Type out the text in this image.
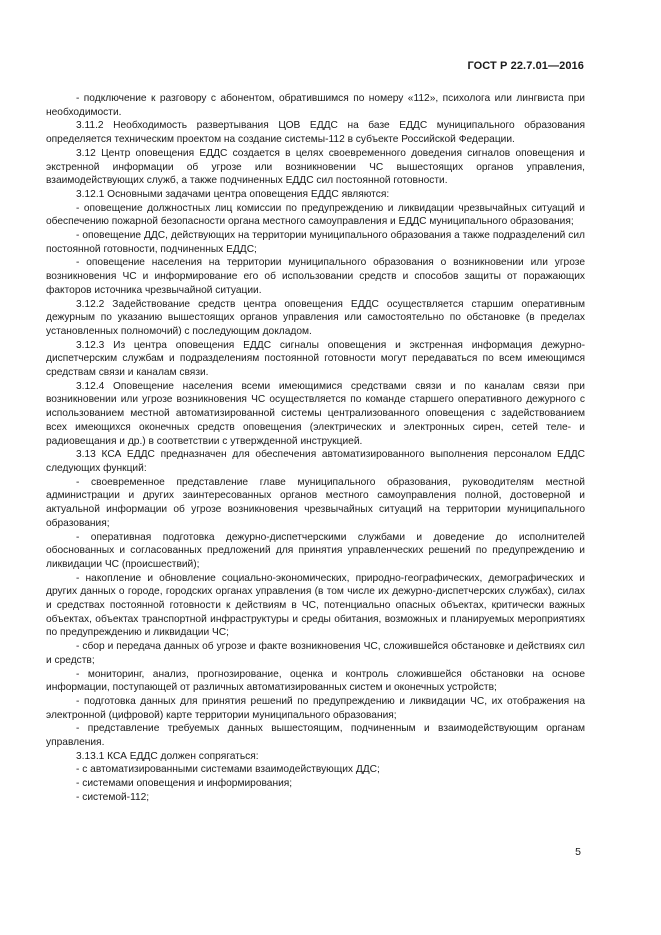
ГОСТ Р 22.7.01—2016

- подключение к разговору с абонентом, обратившимся по номеру «112», психолога или лингвиста при необходимости.

3.11.2 Необходимость развертывания ЦОВ ЕДДС на базе ЕДДС муниципального образования определяется техническим проектом на создание системы-112 в субъекте Российской Федерации.

3.12 Центр оповещения ЕДДС создается в целях своевременного доведения сигналов оповещения и экстренной информации об угрозе или возникновении ЧС вышестоящих органов управления, взаимодействующих служб, а также подчиненных ЕДДС сил постоянной готовности.

3.12.1 Основными задачами центра оповещения ЕДДС являются:

- оповещение должностных лиц комиссии по предупреждению и ликвидации чрезвычайных ситуаций и обеспечению пожарной безопасности органа местного самоуправления и ЕДДС муниципального образования;

- оповещение ДДС, действующих на территории муниципального образования а также подразделений сил постоянной готовности, подчиненных ЕДДС;

- оповещение населения на территории муниципального образования о возникновении или угрозе возникновения ЧС и информирование его об использовании средств и способов защиты от поражающих факторов источника чрезвычайной ситуации.

3.12.2 Задействование средств центра оповещения ЕДДС осуществляется старшим оперативным дежурным по указанию вышестоящих органов управления или самостоятельно по обстановке (в пределах установленных полномочий) с последующим докладом.

3.12.3 Из центра оповещения ЕДДС сигналы оповещения и экстренная информация дежурно-диспетчерским службам и подразделениям постоянной готовности могут передаваться по всем имеющимся средствам связи и каналам связи.

3.12.4 Оповещение населения всеми имеющимися средствами связи и по каналам связи при возникновении или угрозе возникновения ЧС осуществляется по команде старшего оперативного дежурного с использованием местной автоматизированной системы централизованного оповещения с задействованием всех имеющихся оконечных средств оповещения (электрических и электронных сирен, сетей теле- и радиовещания и др.) в соответствии с утвержденной инструкцией.

3.13 КСА ЕДДС предназначен для обеспечения автоматизированного выполнения персоналом ЕДДС следующих функций:

- своевременное представление главе муниципального образования, руководителям местной администрации и других заинтересованных органов местного самоуправления полной, достоверной и актуальной информации об угрозе возникновения чрезвычайных ситуаций на территории муниципального образования;

- оперативная подготовка дежурно-диспетчерскими службами и доведение до исполнителей обоснованных и согласованных предложений для принятия управленческих решений по предупреждению и ликвидации ЧС (происшествий);

- накопление и обновление социально-экономических, природно-географических, демографических и других данных о городе, городских органах управления (в том числе их дежурно-диспетчерских службах), силах и средствах постоянной готовности к действиям в ЧС, потенциально опасных объектах, критически важных объектах, объектах транспортной инфраструктуры и среды обитания, возможных и планируемых мероприятиях по предупреждению и ликвидации ЧС;

- сбор и передача данных об угрозе и факте возникновения ЧС, сложившейся обстановке и действиях сил и средств;

- мониторинг, анализ, прогнозирование, оценка и контроль сложившейся обстановки на основе информации, поступающей от различных автоматизированных систем и оконечных устройств;

- подготовка данных для принятия решений по предупреждению и ликвидации ЧС, их отображения на электронной (цифровой) карте территории муниципального образования;

- представление требуемых данных вышестоящим, подчиненным и взаимодействующим органам управления.

3.13.1 КСА ЕДДС должен сопрягаться:

- с автоматизированными системами взаимодействующих ДДС;

- системами оповещения и информирования;

- системой-112;

5
